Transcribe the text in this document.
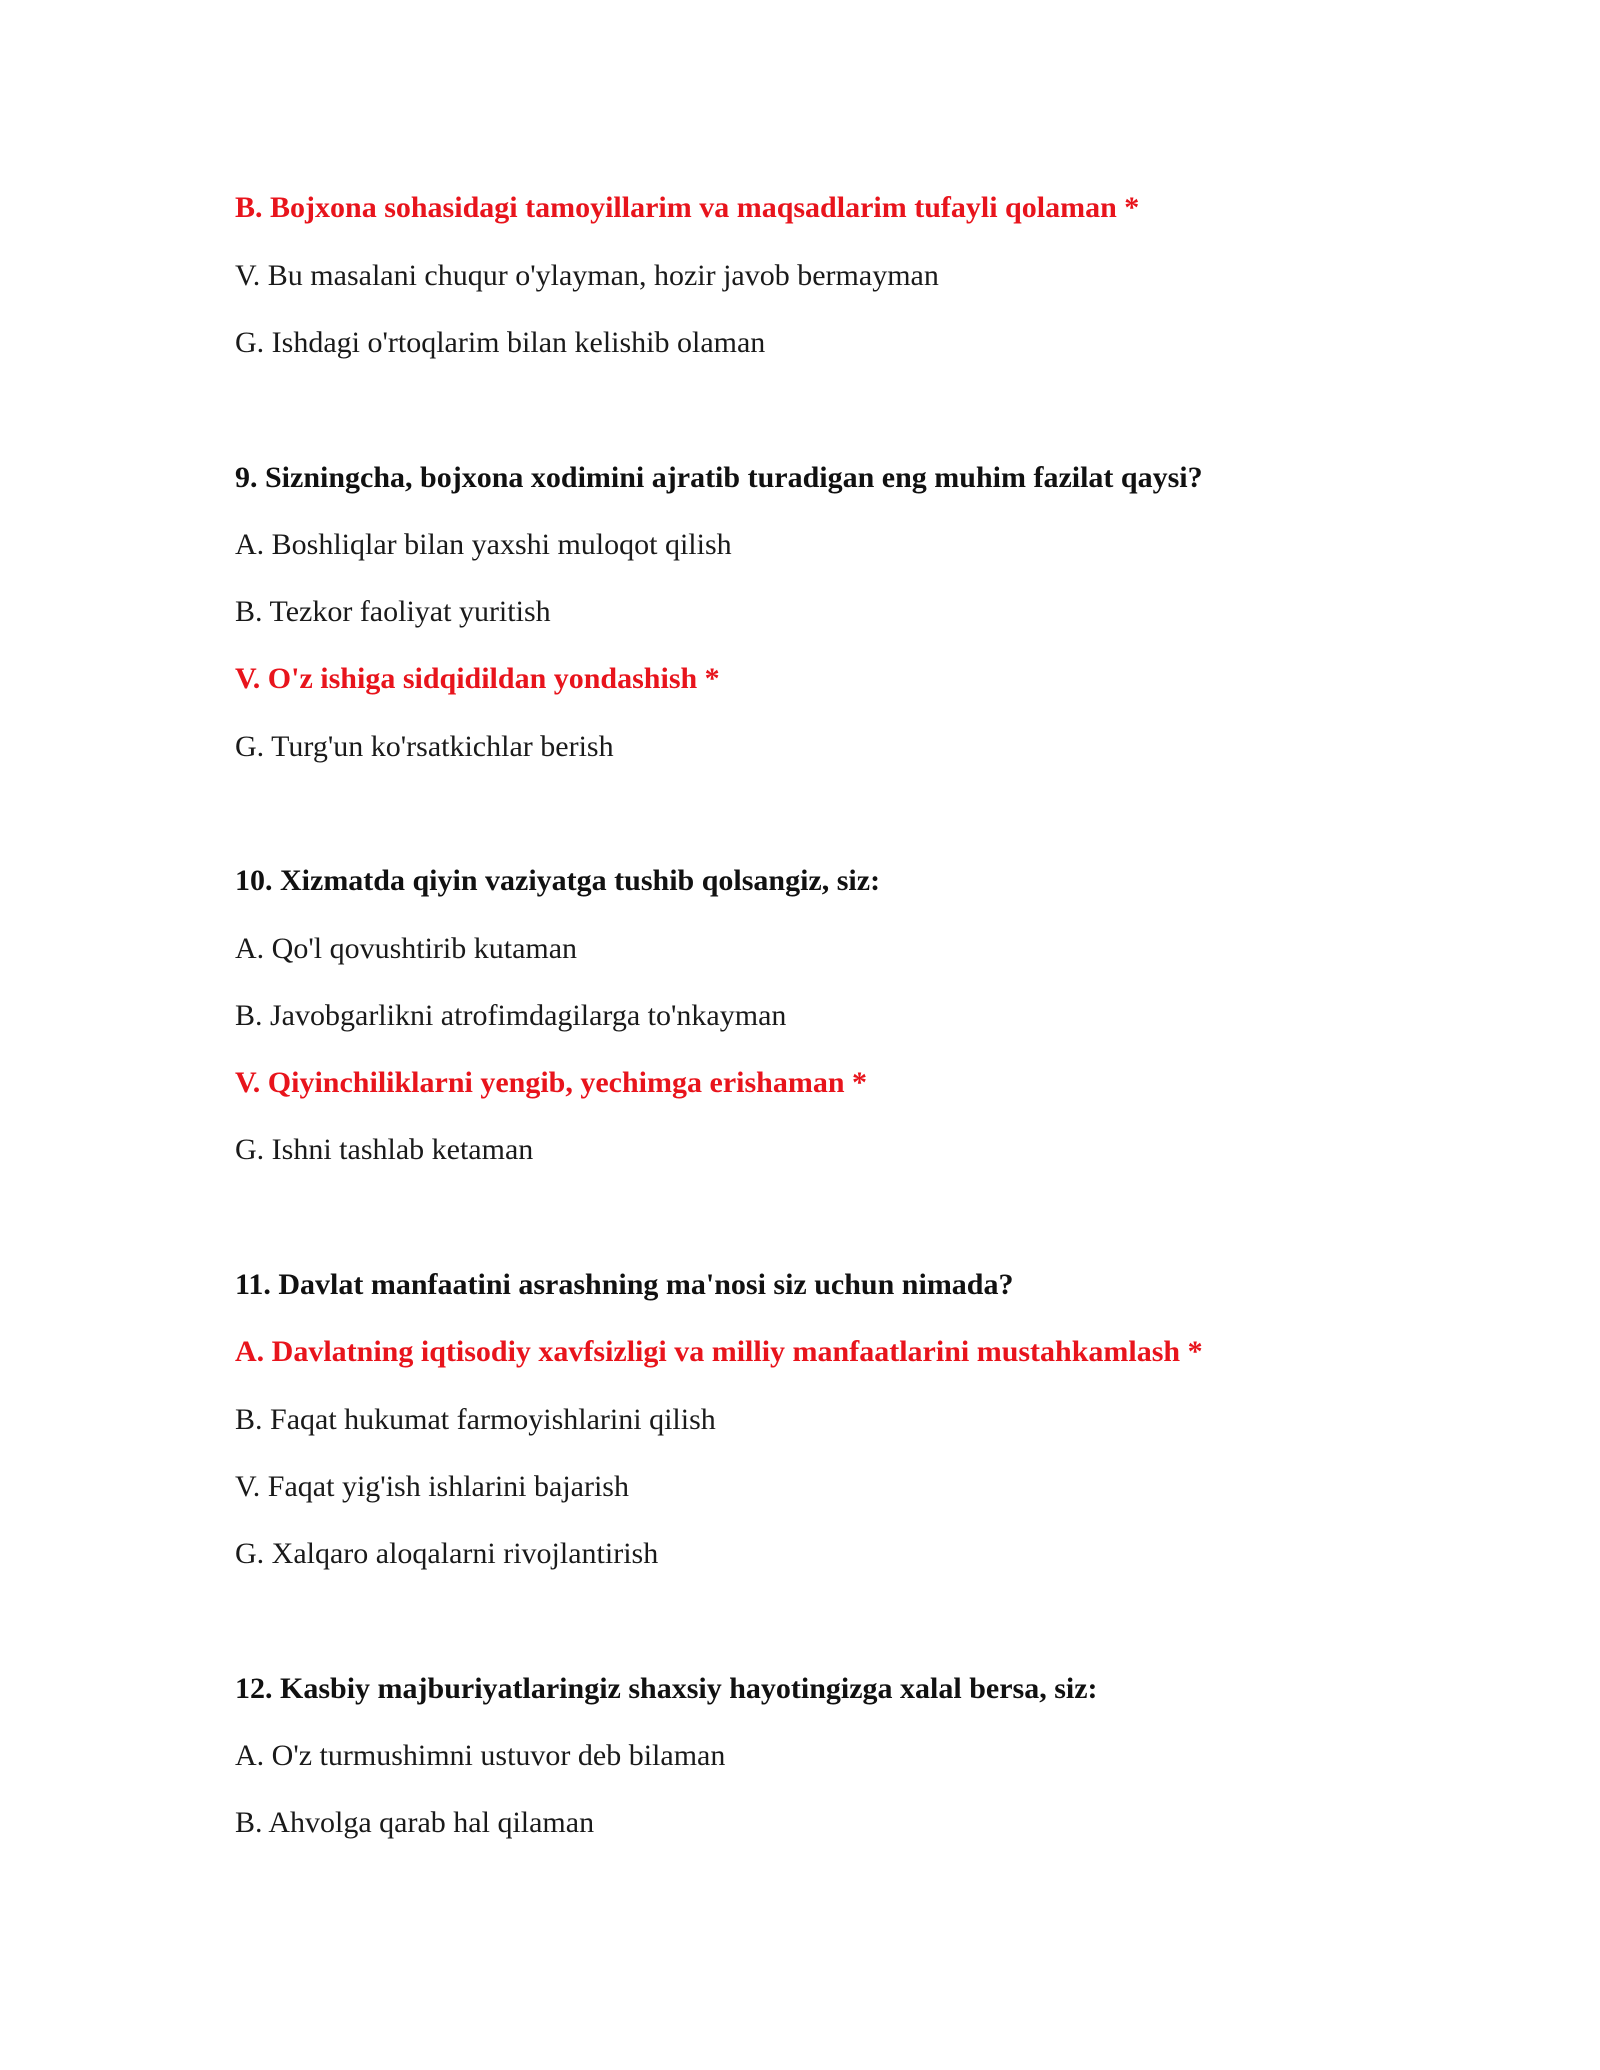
B. Bojxona sohasidagi tamoyillarim va maqsadlarim tufayli qolaman *
V. Bu masalani chuqur o'ylayman, hozir javob bermayman
G. Ishdagi o'rtoqlarim bilan kelishib olaman
9. Sizningcha, bojxona xodimini ajratib turadigan eng muhim fazilat qaysi?
A. Boshliqlar bilan yaxshi muloqot qilish
B. Tezkor faoliyat yuritish
V. O'z ishiga sidqidildan yondashish *
G. Turg'un ko'rsatkichlar berish
10. Xizmatda qiyin vaziyatga tushib qolsangiz, siz:
A. Qo'l qovushtirib kutaman
B. Javobgarlikni atrofimdagilarga to'nkayman
V. Qiyinchiliklarni yengib, yechimga erishaman *
G. Ishni tashlab ketaman
11. Davlat manfaatini asrashning ma'nosi siz uchun nimada?
A. Davlatning iqtisodiy xavfsizligi va milliy manfaatlarini mustahkamlash *
B. Faqat hukumat farmoyishlarini qilish
V. Faqat yig'ish ishlarini bajarish
G. Xalqaro aloqalarni rivojlantirish
12. Kasbiy majburiyatlaringiz shaxsiy hayotingizga xalal bersa, siz:
A. O'z turmushimni ustuvor deb bilaman
B. Ahvolga qarab hal qilaman
